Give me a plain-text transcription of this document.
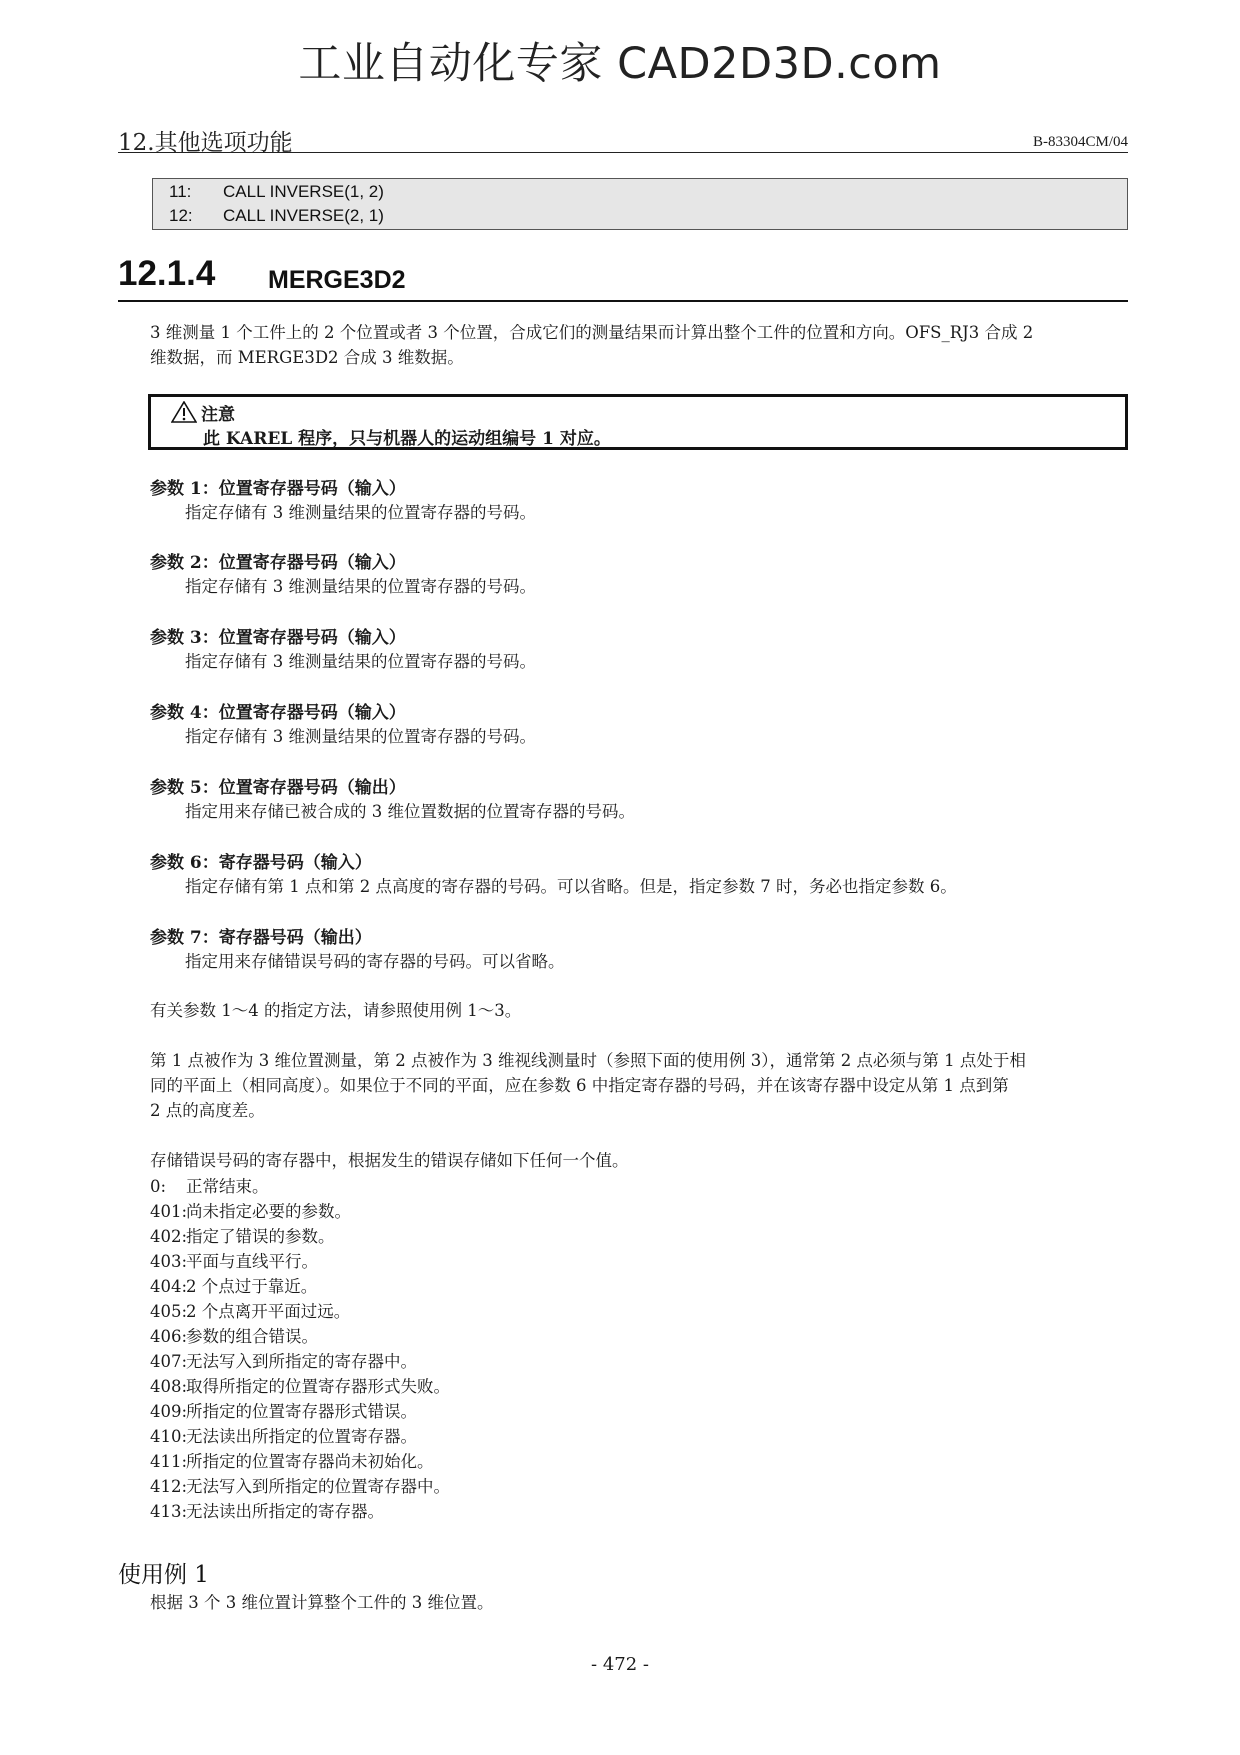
工业自动化专家 CAD2D3D.com
12.其他选项功能	B-83304CM/04
11: CALL INVERSE(1, 2)
12: CALL INVERSE(2, 1)
12.1.4 MERGE3D2
3 维测量 1 个工件上的 2 个位置或者 3 个位置，合成它们的测量结果而计算出整个工件的位置和方向。OFS_RJ3 合成 2
维数据，而 MERGE3D2 合成 3 维数据。
注意
此 KAREL 程序，只与机器人的运动组编号 1 对应。
参数 1：位置寄存器号码（输入）
指定存储有 3 维测量结果的位置寄存器的号码。
参数 2：位置寄存器号码（输入）
指定存储有 3 维测量结果的位置寄存器的号码。
参数 3：位置寄存器号码（输入）
指定存储有 3 维测量结果的位置寄存器的号码。
参数 4：位置寄存器号码（输入）
指定存储有 3 维测量结果的位置寄存器的号码。
参数 5：位置寄存器号码（输出）
指定用来存储已被合成的 3 维位置数据的位置寄存器的号码。
参数 6：寄存器号码（输入）
指定存储有第 1 点和第 2 点高度的寄存器的号码。可以省略。但是，指定参数 7 时，务必也指定参数 6。
参数 7：寄存器号码（输出）
指定用来存储错误号码的寄存器的号码。可以省略。
有关参数 1～4 的指定方法，请参照使用例 1～3。
第 1 点被作为 3 维位置测量，第 2 点被作为 3 维视线测量时（参照下面的使用例 3），通常第 2 点必须与第 1 点处于相
同的平面上（相同高度）。如果位于不同的平面，应在参数 6 中指定寄存器的号码，并在该寄存器中设定从第 1 点到第
2 点的高度差。
存储错误号码的寄存器中，根据发生的错误存储如下任何一个值。
0: 正常结束。
401:尚未指定必要的参数。
402:指定了错误的参数。
403:平面与直线平行。
404:2 个点过于靠近。
405:2 个点离开平面过远。
406:参数的组合错误。
407:无法写入到所指定的寄存器中。
408:取得所指定的位置寄存器形式失败。
409:所指定的位置寄存器形式错误。
410:无法读出所指定的位置寄存器。
411:所指定的位置寄存器尚未初始化。
412:无法写入到所指定的位置寄存器中。
413:无法读出所指定的寄存器。
使用例 1
根据 3 个 3 维位置计算整个工件的 3 维位置。
- 472 -
